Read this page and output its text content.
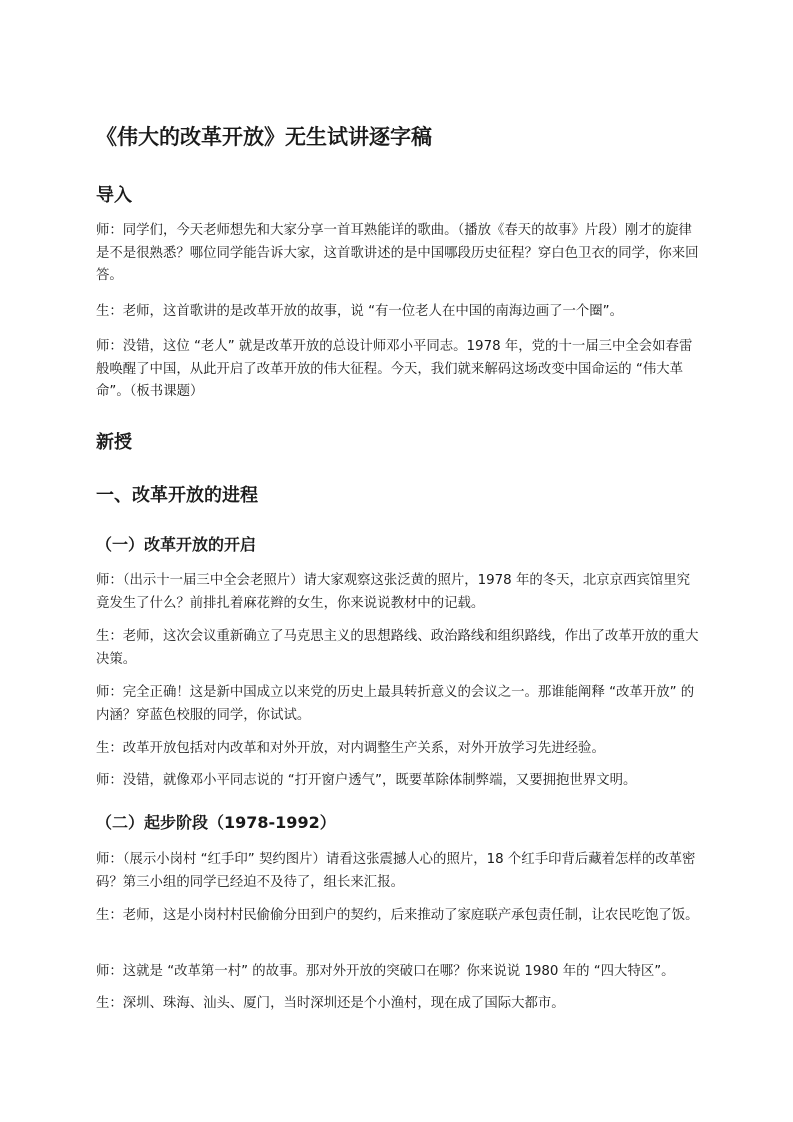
《伟大的改革开放》无生试讲逐字稿
导入

师：同学们，今天老师想先和大家分享一首耳熟能详的歌曲。（播放《春天的故事》片段）刚才的旋律是不是很熟悉？哪位同学能告诉大家，这首歌讲述的是中国哪段历史征程？穿白色卫衣的同学，你来回答。

生：老师，这首歌讲的是改革开放的故事，说 “有一位老人在中国的南海边画了一个圈”。

师：没错，这位 “老人” 就是改革开放的总设计师邓小平同志。1978 年，党的十一届三中全会如春雷般唤醒了中国，从此开启了改革开放的伟大征程。今天，我们就来解码这场改变中国命运的 “伟大革命”。（板书课题）

新授
一、改革开放的进程
（一）改革开放的开启

师：（出示十一届三中全会老照片）请大家观察这张泛黄的照片，1978 年的冬天，北京京西宾馆里究竟发生了什么？前排扎着麻花辫的女生，你来说说教材中的记载。

生：老师，这次会议重新确立了马克思主义的思想路线、政治路线和组织路线，作出了改革开放的重大决策。

师：完全正确！这是新中国成立以来党的历史上最具转折意义的会议之一。那谁能阐释 “改革开放” 的内涵？穿蓝色校服的同学，你试试。

生：改革开放包括对内改革和对外开放，对内调整生产关系，对外开放学习先进经验。

师：没错，就像邓小平同志说的 “打开窗户透气”，既要革除体制弊端，又要拥抱世界文明。

（二）起步阶段（1978-1992）

师：（展示小岗村 “红手印” 契约图片）请看这张震撼人心的照片，18 个红手印背后藏着怎样的改革密码？第三小组的同学已经迫不及待了，组长来汇报。

生：老师，这是小岗村村民偷偷分田到户的契约，后来推动了家庭联产承包责任制，让农民吃饱了饭。

师：这就是 “改革第一村” 的故事。那对外开放的突破口在哪？你来说说 1980 年的 “四大特区”。

生：深圳、珠海、汕头、厦门，当时深圳还是个小渔村，现在成了国际大都市。
